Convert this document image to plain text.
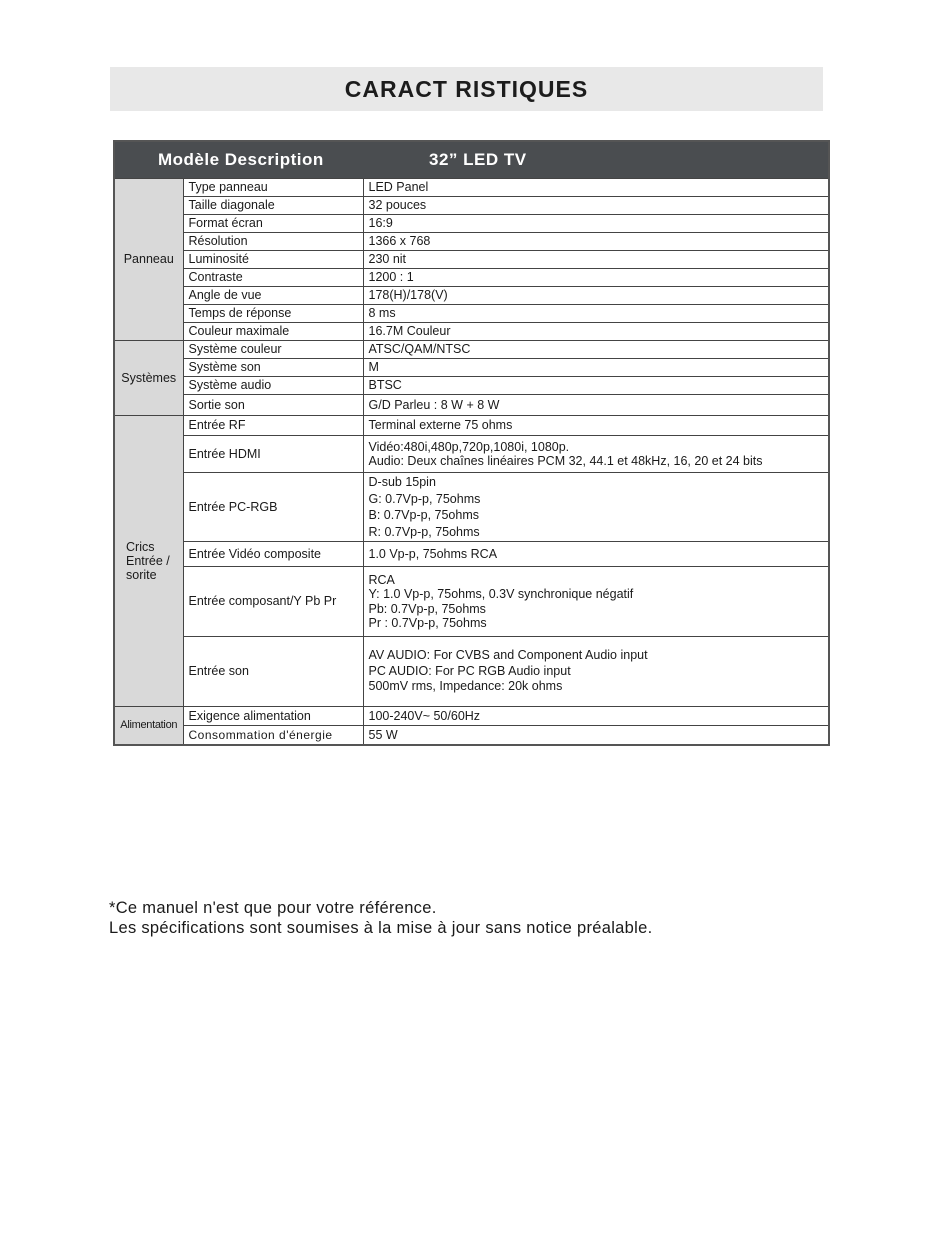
CARACT RISTIQUES
Modèle Description		32” LED TV
Panneau	Type panneau	LED Panel
	Taille diagonale	32 pouces
	Format écran	16:9
	Résolution	1366 x 768
	Luminosité	230 nit
	Contraste	1200 : 1
	Angle de vue	178(H)/178(V)
	Temps de réponse	8 ms
	Couleur maximale	16.7M Couleur
Systèmes	Système couleur	ATSC/QAM/NTSC
	Système son	M
	Système audio	BTSC
	Sortie son	G/D Parleu : 8 W + 8 W

Crics
Entrée /
sorite	Entrée RF	Terminal externe 75 ohms

	Entrée HDMI	Vidéo:480i,480p,720p,1080i, 1080p.
Audio: Deux chaînes linéaires PCM 32, 44.1 et 48kHz, 16, 20 et 24 bits

	Entrée PC-RGB	D-sub 15pin
G: 0.7Vp-p, 75ohms
B: 0.7Vp-p, 75ohms
R: 0.7Vp-p, 75ohms

	Entrée Vidéo composite	1.0 Vp-p, 75ohms RCA

	Entrée composant/Y Pb Pr	RCA
Y: 1.0 Vp-p, 75ohms, 0.3V synchronique négatif
Pb: 0.7Vp-p, 75ohms
Pr : 0.7Vp-p, 75ohms

	Entrée son	AV AUDIO: For CVBS and Component Audio input
PC AUDIO: For PC RGB Audio input
500mV rms, Impedance: 20k ohms

Alimentation	Exigence alimentation	100-240V~ 50/60Hz
	Consommation d'énergie	55 W
*Ce manuel n'est que pour votre référence.
Les spécifications sont soumises à la mise à jour sans notice préalable.
